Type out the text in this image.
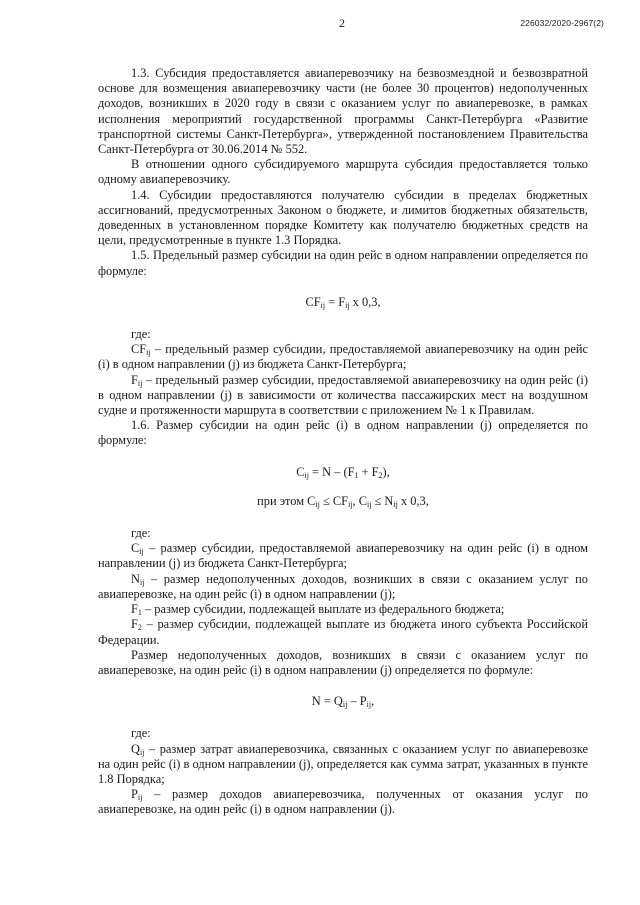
2	226032/2020-2967(2)

1.3. Субсидия предоставляется авиаперевозчику на безвозмездной и безвозвратной основе для возмещения авиаперевозчику части (не более 30 процентов) недополученных доходов, возникших в 2020 году в связи с оказанием услуг по авиаперевозке, в рамках исполнения мероприятий государственной программы Санкт-Петербурга «Развитие транспортной системы Санкт-Петербурга», утвержденной постановлением Правительства Санкт-Петербурга от 30.06.2014 № 552.

В отношении одного субсидируемого маршрута субсидия предоставляется только одному авиаперевозчику.

1.4. Субсидии предоставляются получателю субсидии в пределах бюджетных ассигнований, предусмотренных Законом о бюджете, и лимитов бюджетных обязательств, доведенных в установленном порядке Комитету как получателю бюджетных средств на цели, предусмотренные в пункте 1.3 Порядка.

1.5. Предельный размер субсидии на один рейс в одном направлении определяется по формуле:

$CF_{ij} = F_{ij}$ x 0,3,

где:

$CF_{ij}$ – предельный размер субсидии, предоставляемой авиаперевозчику на один рейс (i) в одном направлении (j) из бюджета Санкт-Петербурга;

$F_{ij}$ – предельный размер субсидии, предоставляемой авиаперевозчику на один рейс (i) в одном направлении (j) в зависимости от количества пассажирских мест на воздушном судне и протяженности маршрута в соответствии с приложением № 1 к Правилам.

1.6. Размер субсидии на один рейс (i) в одном направлении (j) определяется по формуле:

$C_{ij} = N - (F_1 + F_2)$,

при этом $C_{ij} \le CF_{ij}$, $C_{ij} \le N_{ij}$ x 0,3,

где:

$C_{ij}$ – размер субсидии, предоставляемой авиаперевозчику на один рейс (i) в одном направлении (j) из бюджета Санкт-Петербурга;

$N_{ij}$ – размер недополученных доходов, возникших в связи с оказанием услуг по авиаперевозке, на один рейс (i) в одном направлении (j);

$F_1$ – размер субсидии, подлежащей выплате из федерального бюджета;

$F_2$ – размер субсидии, подлежащей выплате из бюджета иного субъекта Российской Федерации.

Размер недополученных доходов, возникших в связи с оказанием услуг по авиаперевозке, на один рейс (i) в одном направлении (j) определяется по формуле:

$N = Q_{ij} - P_{ij}$,

где:

$Q_{ij}$ – размер затрат авиаперевозчика, связанных с оказанием услуг по авиаперевозке на один рейс (i) в одном направлении (j), определяется как сумма затрат, указанных в пункте 1.8 Порядка;

$P_{ij}$ – размер доходов авиаперевозчика, полученных от оказания услуг по авиаперевозке, на один рейс (i) в одном направлении (j).
